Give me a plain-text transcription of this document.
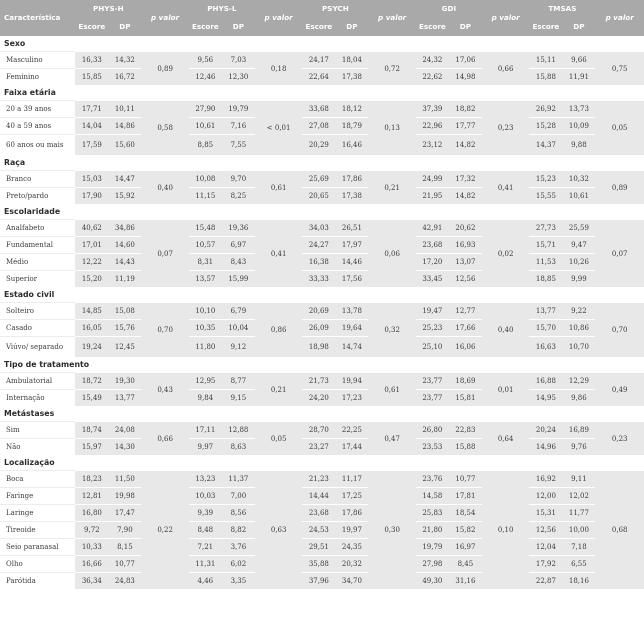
Característica	PHYS-H		p valor	PHYS-L		p valor	PSYCH		p valor	GDI		p valor	TMSAS		p valor
	Escore	DP		Escore	DP		Escore	DP		Escore	DP		Escore	DP	
Sexo															
Masculino	16,33	14,32	0,89	9,56	7,03	0,18	24,17	18,04	0,72	24,32	17,06	0,66	15,11	9,66	0,75
Feminino	15,85	16,72		12,46	12,30		22,64	17,38		22,62	14,98		15,88	11,91	
Faixa etária															
20 a 39 anos	17,71	10,11	0,58	27,90	19,79	< 0,01	33,68	18,12	0,13	37,39	18,82	0,23	26,92	13,73	0,05
40 a 59 anos	14,04	14,86		10,61	7,16		27,08	18,79		22,96	17,77		15,28	10,09	
60 anos ou mais	17,59	15,60		8,85	7,55		20,29	16,46		23,12	14,82		14,37	9,88	
Raça															
Branco	15,03	14,47	0,40	10,08	9,70	0,61	25,69	17,86	0,21	24,99	17,32	0,41	15,23	10,32	0,89
Preto/pardo	17,90	15,92		11,15	8,25		20,65	17,38		21,95	14,82		15,55	10,61	
Escolaridade															
Analfabeto	40,62	34,86	0,07	15,48	19,36	0,41	34,03	26,51	0,06	42,91	20,62	0,02	27,73	25,59	0,07
Fundamental	17,01	14,60		10,57	6,97		24,27	17,97		23,68	16,93		15,71	9,47	
Médio	12,22	14,43		8,31	8,43		16,38	14,46		17,20	13,07		11,53	10,26	
Superior	15,20	11,19		13,57	15,99		33,33	17,56		33,45	12,56		18,85	9,99	
Estado civil															
Solteiro	14,85	15,08	0,70	10,10	6,79	0,86	20,69	13,78	0,32	19,47	12,77	0,40	13,77	9,22	0,70
Casado	16,05	15,76		10,35	10,04		26,09	19,64		25,23	17,66		15,70	10,86	
Viúvo/ separado	19,24	12,45		11,80	9,12		18,98	14,74		25,10	16,06		16,63	10,70	
Tipo de tratamento															
Ambulatorial	18,72	19,30	0,43	12,95	8,77	0,21	21,73	19,94	0,61	23,77	18,69	0,01	16,88	12,29	0,49
Internação	15,49	13,77		9,84	9,15		24,20	17,23		23,77	15,81		14,95	9,86	
Metástases															
Sim	18,74	24,08	0,66	17,11	12,88	0,05	28,70	22,25	0,47	26,80	22,83	0,64	20,24	16,89	0,23
Não	15,97	14,30		9,97	8,63		23,27	17,44		23,53	15,88		14,96	9,76	
Localização															
Boca	18,23	11,50	0,22	13,23	11,37	0,63	21,23	11,17	0,30	23,76	10,77	0,10	16,92	9,11	0,68
Faringe	12,81	19,98		10,03	7,00		14,44	17,25		14,58	17,81		12,00	12,02	
Laringe	16,80	17,47		9,39	8,56		23,68	17,86		25,83	18,54		15,31	11,77	
Tireoide	9,72	7,90		8,48	8,82		24,53	19,97		21,80	15,82		12,56	10,00	
Seio paranasal	10,33	8,15		7,21	3,76		29,51	24,35		19,79	16,97		12,04	7,18	
Olho	16,66	10,77		11,31	6,02		35,88	20,32		27,98	8,45		17,92	6,55	
Parótida	36,34	24,83		4,46	3,35		37,96	34,70		49,30	31,16		22,87	18,16	
